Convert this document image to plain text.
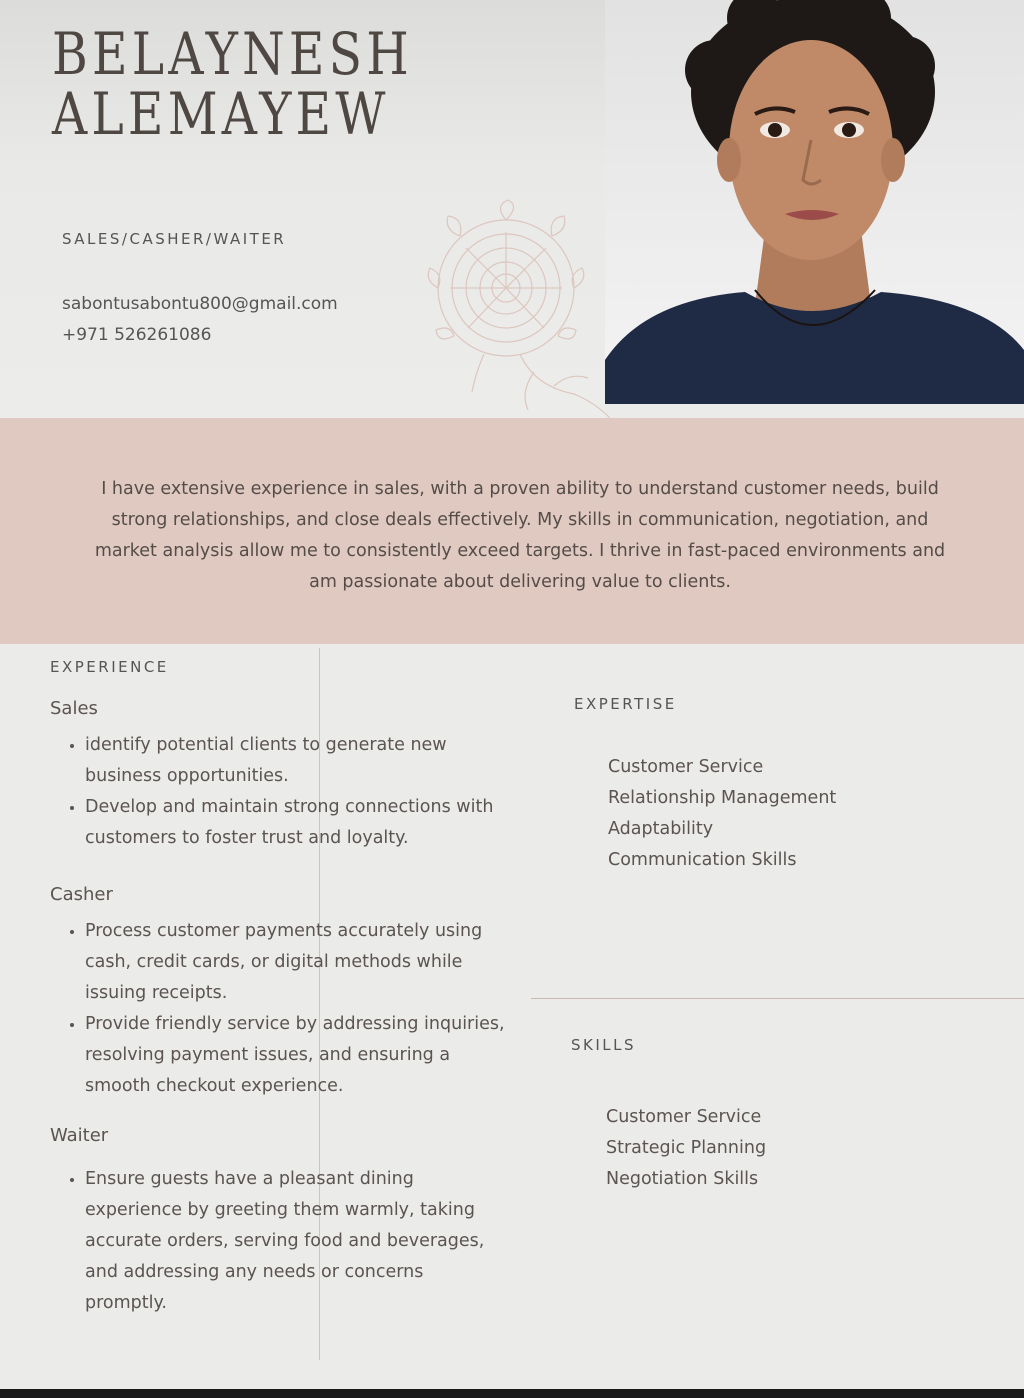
BELAYNESH
ALEMAYEW
SALES/CASHER/WAITER
sabontusabontu800@gmail.com
+971 526261086

I have extensive experience in sales, with a proven ability to understand customer needs, build strong relationships, and close deals effectively. My skills in communication, negotiation, and market analysis allow me to consistently exceed targets. I thrive in fast-paced environments and am passionate about delivering value to clients.

EXPERIENCE
Sales
• identify potential clients to generate new business opportunities.
• Develop and maintain strong connections with customers to foster trust and loyalty.
Casher
• Process customer payments accurately using cash, credit cards, or digital methods while issuing receipts.
• Provide friendly service by addressing inquiries, resolving payment issues, and ensuring a smooth checkout experience.
Waiter
• Ensure guests have a pleasant dining experience by greeting them warmly, taking accurate orders, serving food and beverages, and addressing any needs or concerns promptly.
EXPERTISE
Customer Service
Relationship Management
Adaptability
Communication Skills
SKILLS
Customer Service
Strategic Planning
Negotiation Skills
